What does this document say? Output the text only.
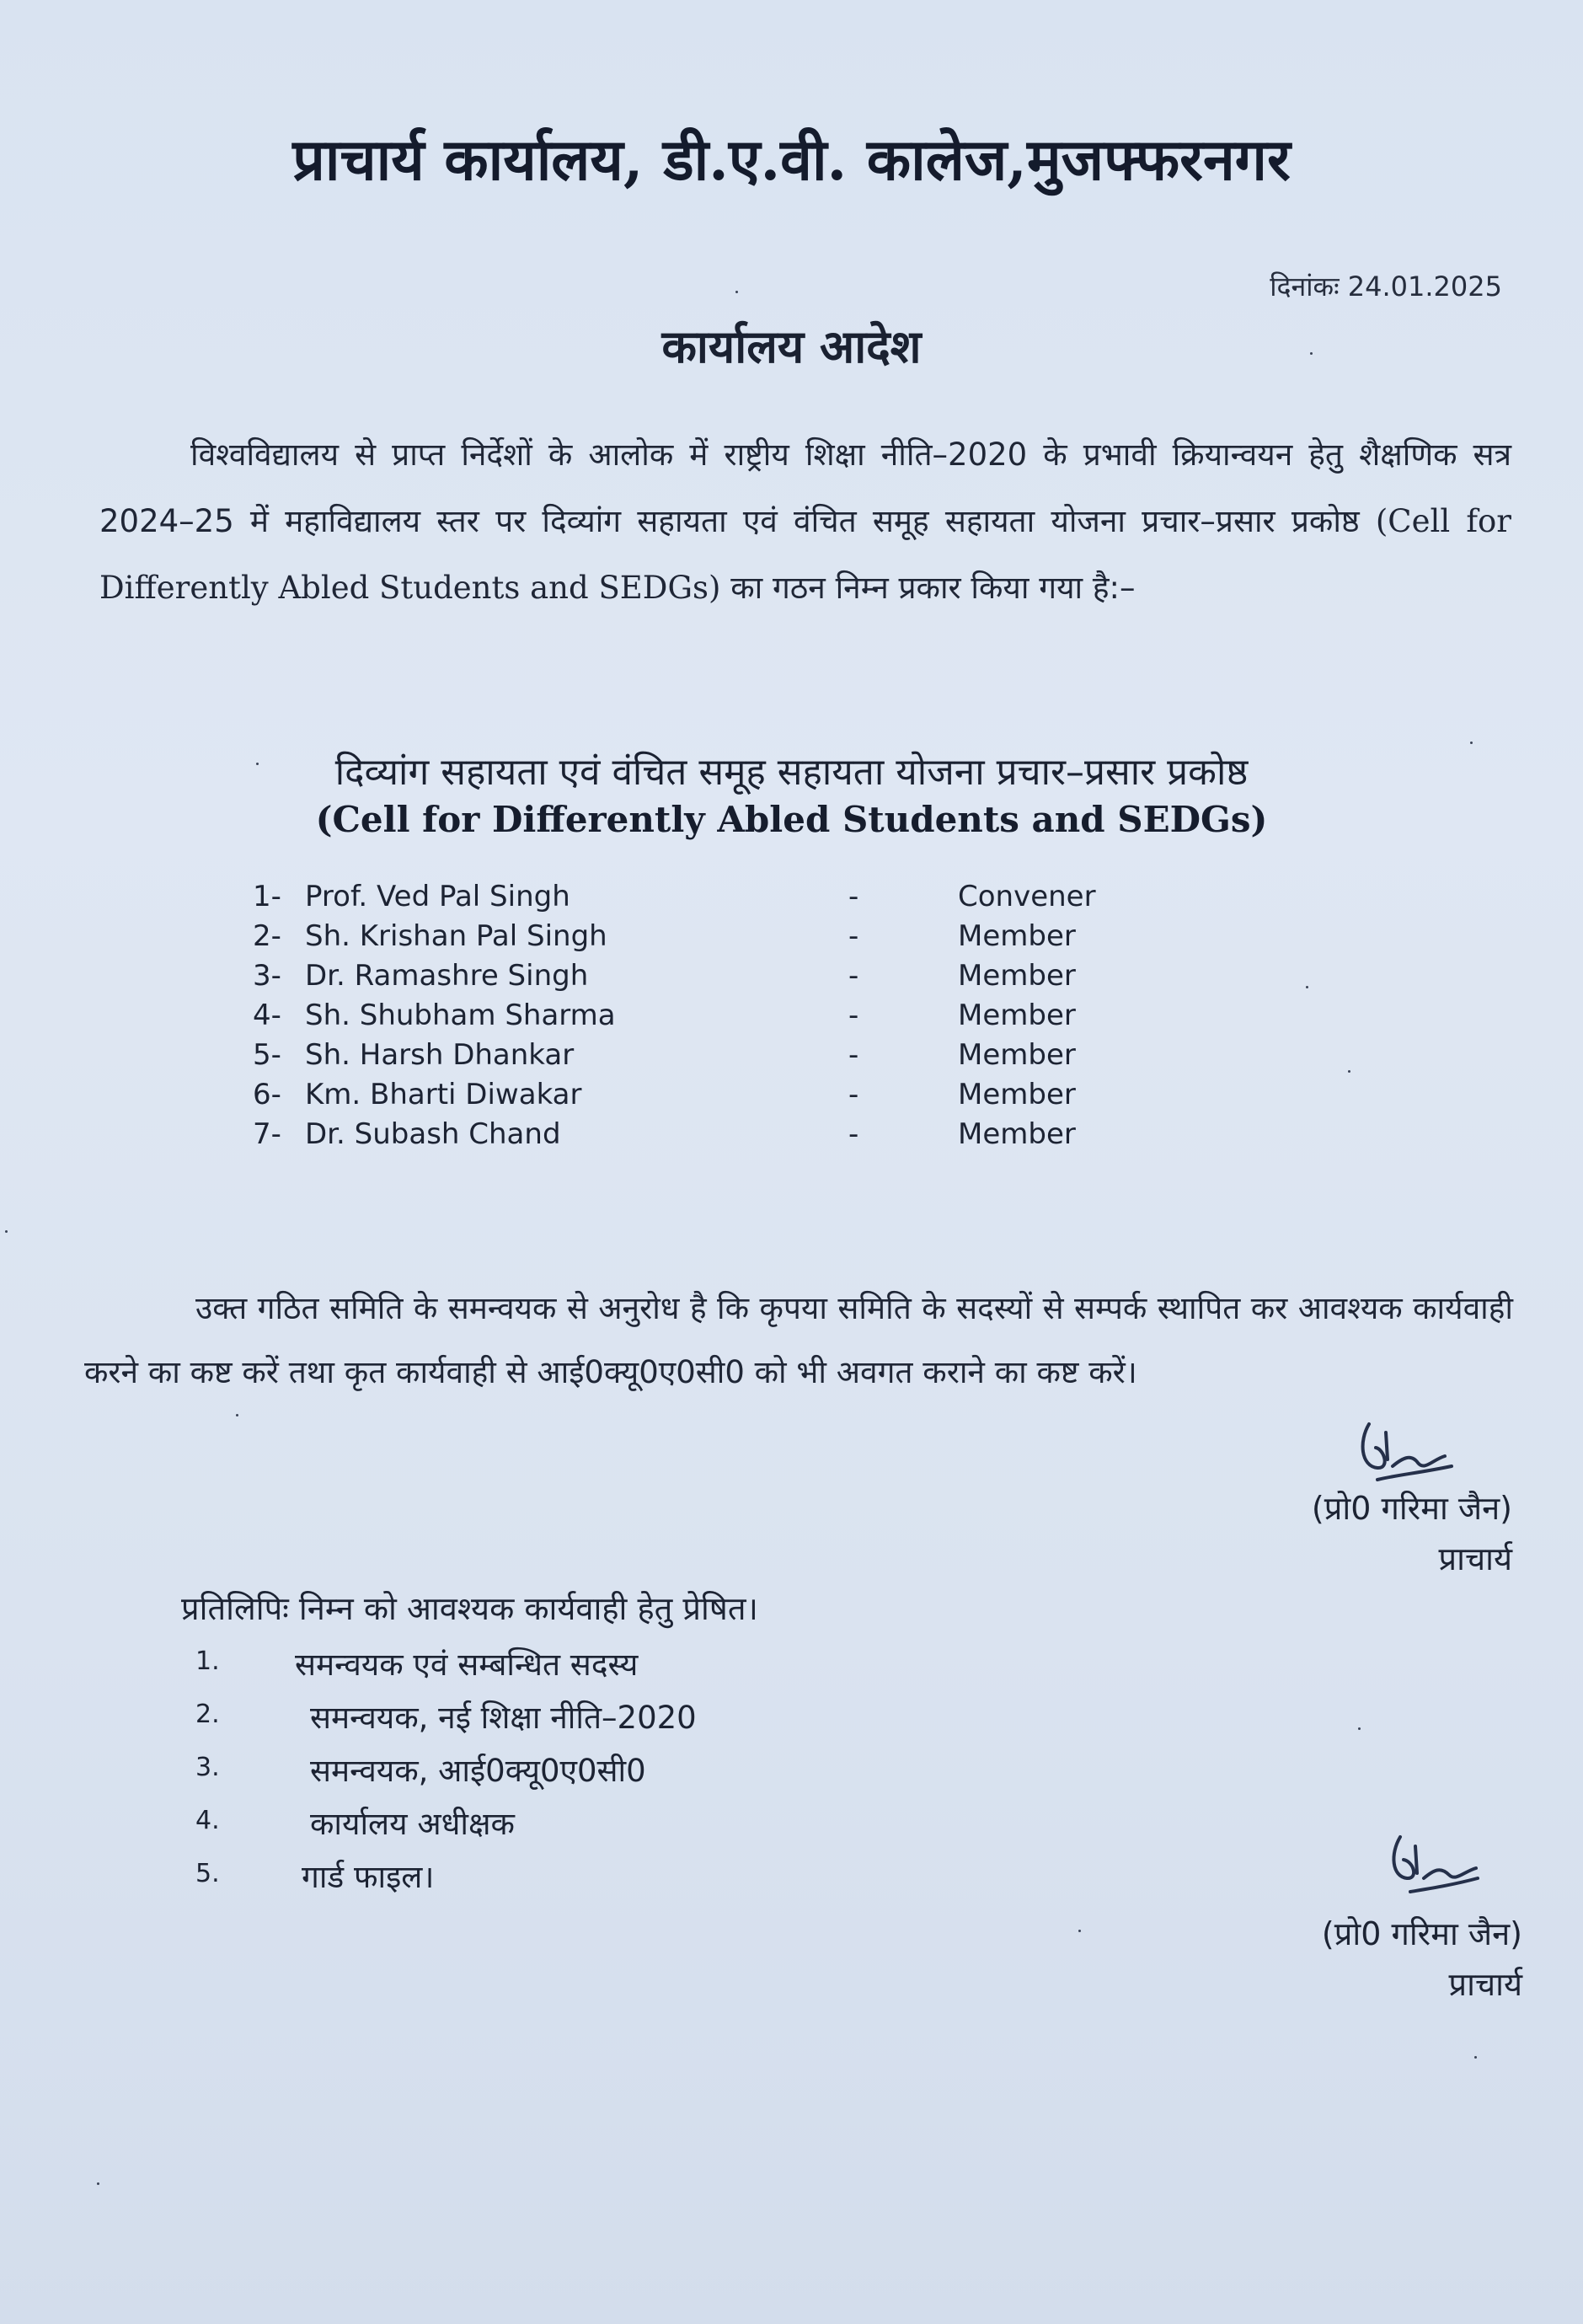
प्राचार्य कार्यालय, डी.ए.वी. कालेज,मुजफ्फरनगर
दिनांकः 24.01.2025
कार्यालय आदेश
विश्वविद्यालय से प्राप्त निर्देशों के आलोक में राष्ट्रीय शिक्षा नीति–2020 के प्रभावी क्रियान्वयन हेतु शैक्षणिक सत्र 2024–25 में महाविद्यालय स्तर पर दिव्यांग सहायता एवं वंचित समूह सहायता योजना प्रचार–प्रसार प्रकोष्ठ (Cell for Differently Abled Students and SEDGs) का गठन निम्न प्रकार किया गया है:–
दिव्यांग सहायता एवं वंचित समूह सहायता योजना प्रचार–प्रसार प्रकोष्ठ
(Cell for Differently Abled Students and SEDGs)
1- Prof. Ved Pal Singh	-	Convener
2- Sh. Krishan Pal Singh	-	Member
3- Dr. Ramashre Singh	-	Member
4- Sh. Shubham Sharma	-	Member
5- Sh. Harsh Dhankar	-	Member
6- Km. Bharti Diwakar	-	Member
7- Dr. Subash Chand	-	Member
उक्त गठित समिति के समन्वयक से अनुरोध है कि कृपया समिति के सदस्यों से सम्पर्क स्थापित कर आवश्यक कार्यवाही करने का कष्ट करें तथा कृत कार्यवाही से आई0क्यू0ए0सी0 को भी अवगत कराने का कष्ट करें।
(प्रो0 गरिमा जैन)
प्राचार्य
प्रतिलिपिः निम्न को आवश्यक कार्यवाही हेतु प्रेषित।
1. समन्वयक एवं सम्बन्धित सदस्य
2.	समन्वयक, नई शिक्षा नीति–2020
3.	समन्वयक, आई0क्यू0ए0सी0
4.	कार्यालय अधीक्षक
5.	गार्ड फाइल।
(प्रो0 गरिमा जैन)
प्राचार्य
